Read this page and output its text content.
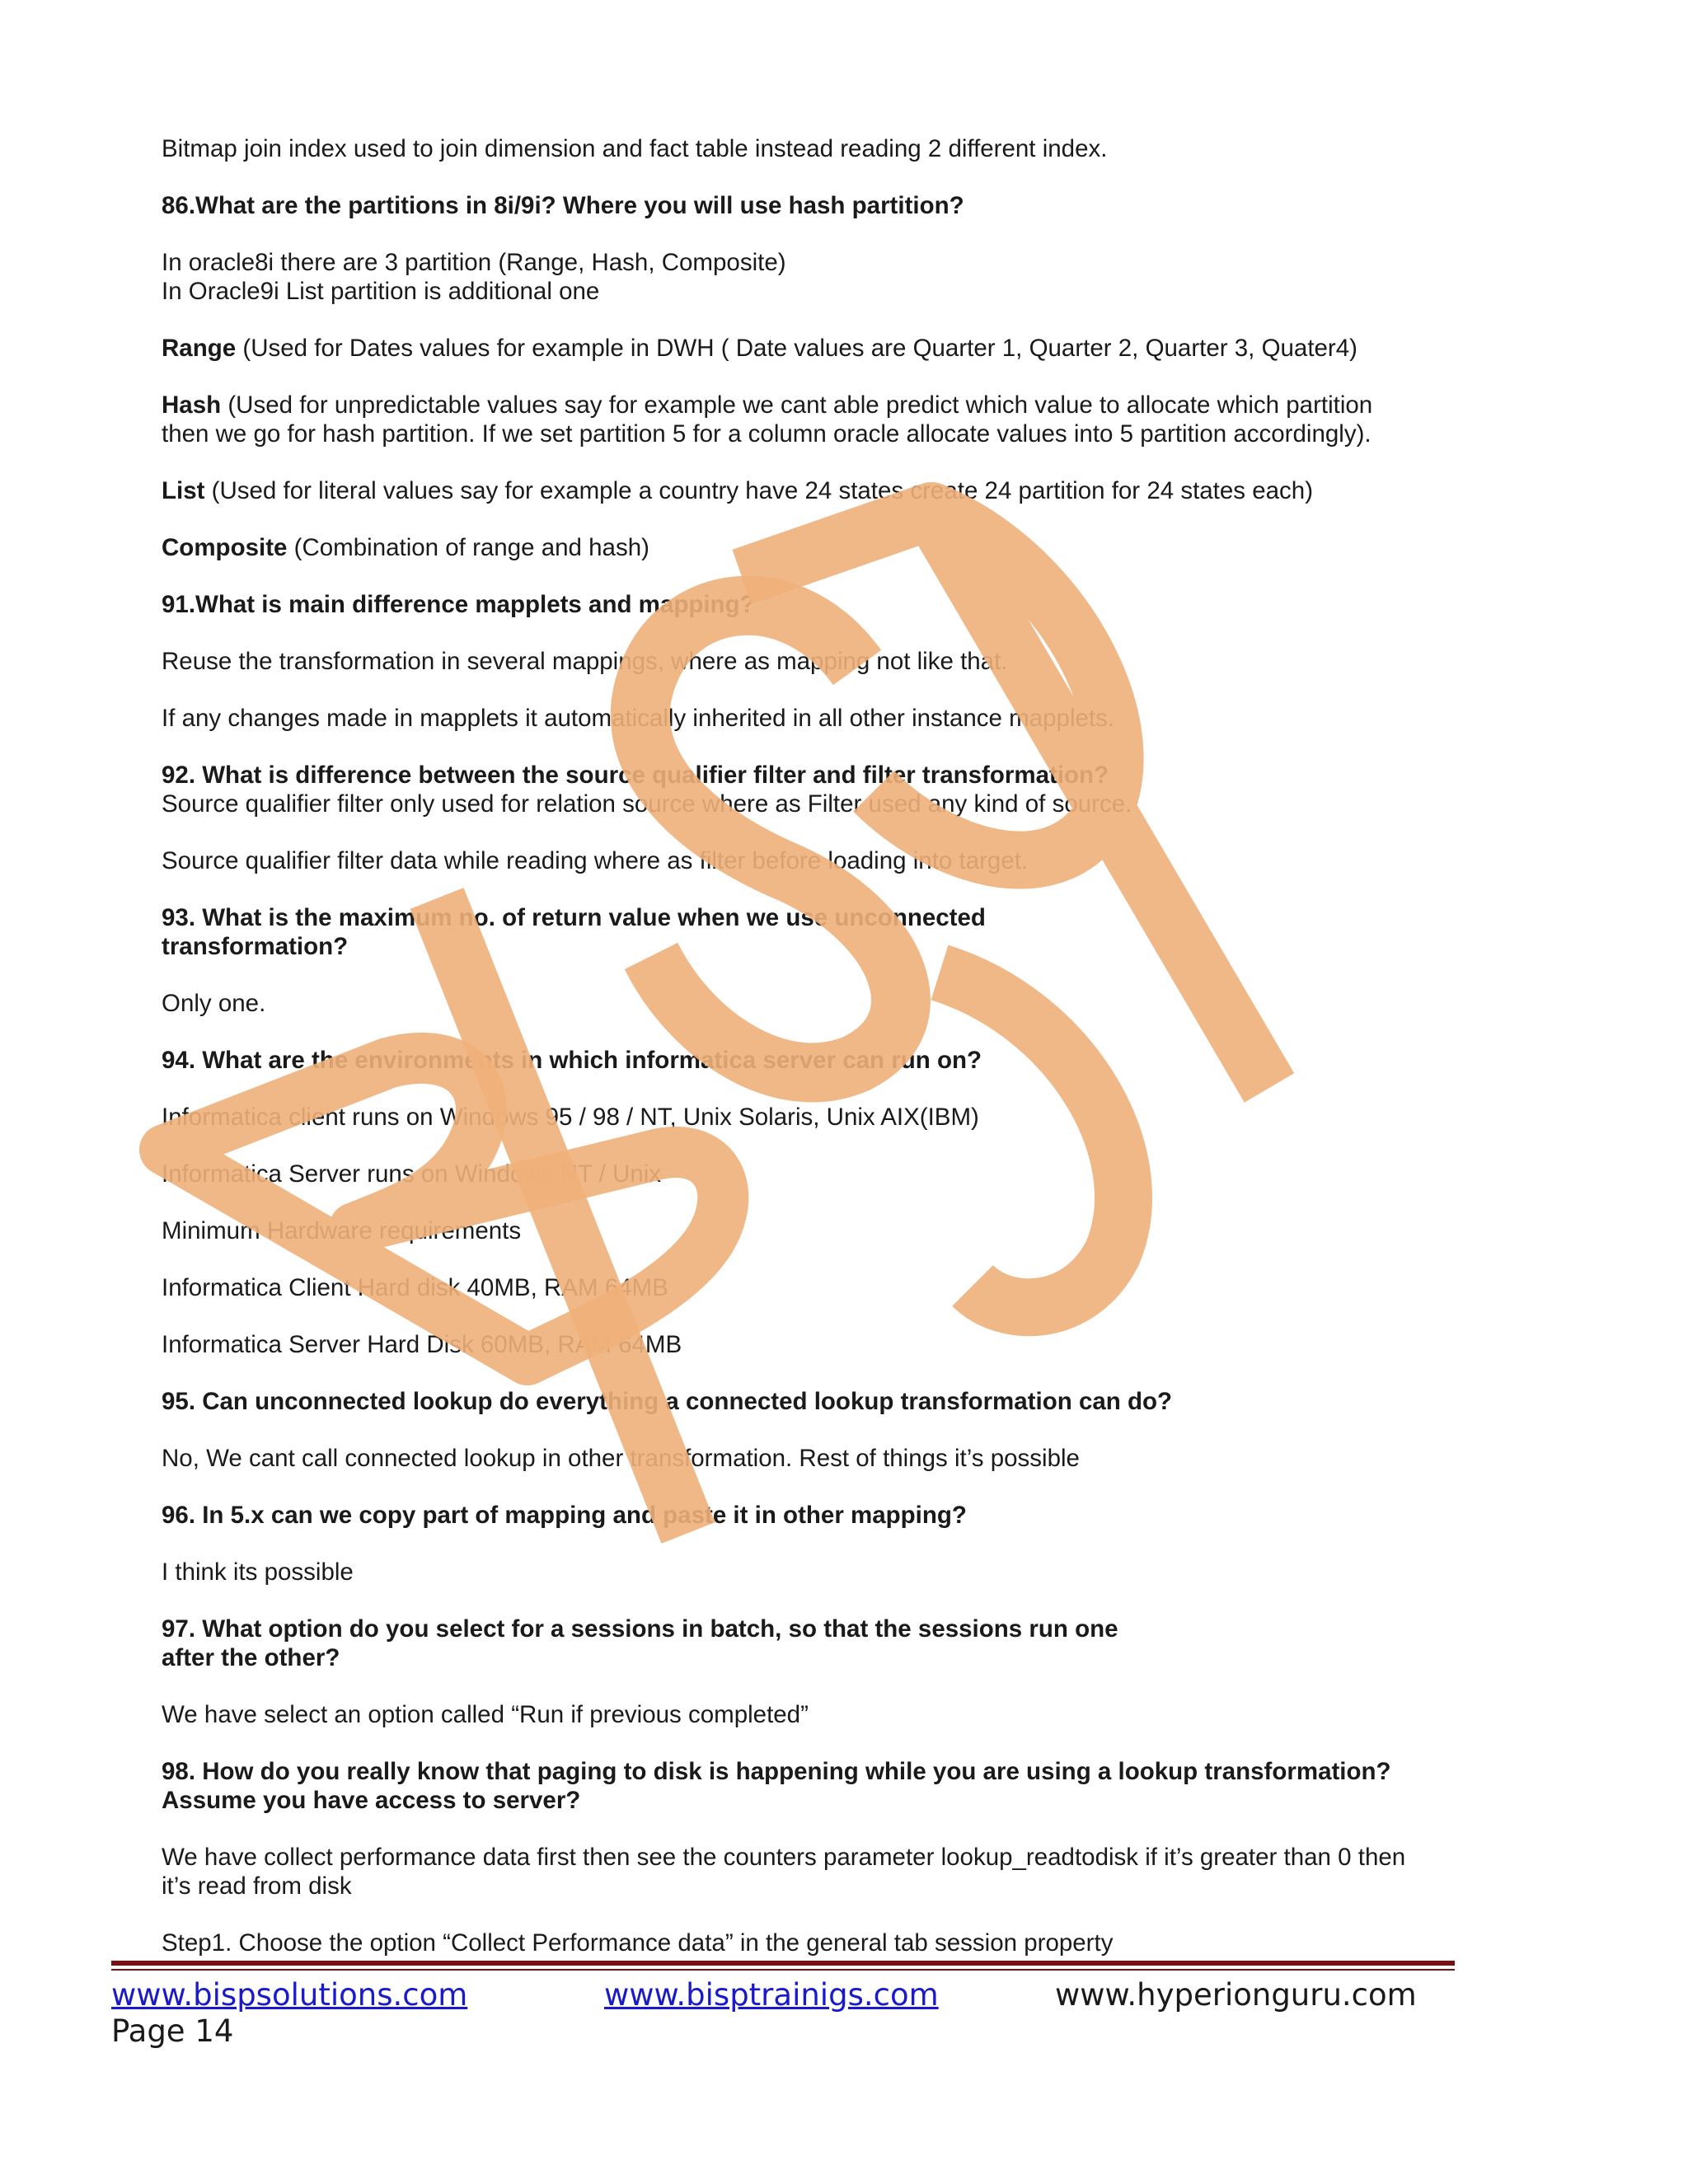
Bitmap join index used to join dimension and fact table instead reading 2 different index.
86.What are the partitions in 8i/9i? Where you will use hash partition?
In oracle8i there are 3 partition (Range, Hash, Composite)
In Oracle9i List partition is additional one
Range (Used for Dates values for example in DWH ( Date values are Quarter 1, Quarter 2, Quarter 3, Quater4)
Hash (Used for unpredictable values say for example we cant able predict which value to allocate which partition
then we go for hash partition. If we set partition 5 for a column oracle allocate values into 5 partition accordingly).
List (Used for literal values say for example a country have 24 states create 24 partition for 24 states each)
Composite (Combination of range and hash)
91.What is main difference mapplets and mapping?
Reuse the transformation in several mappings, where as mapping not like that.
If any changes made in mapplets it automatically inherited in all other instance mapplets.
92. What is difference between the source qualifier filter and filter transformation?
Source qualifier filter only used for relation source where as Filter used any kind of source.
Source qualifier filter data while reading where as filter before loading into target.
93. What is the maximum no. of return value when we use unconnected
transformation?
Only one.
94. What are the environments in which informatica server can run on?
Informatica client runs on Windows 95 / 98 / NT, Unix Solaris, Unix AIX(IBM)
Informatica Server runs on Windows NT / Unix
Minimum Hardware requirements
Informatica Client Hard disk 40MB, RAM 64MB
Informatica Server Hard Disk 60MB, RAM 64MB
95. Can unconnected lookup do everything a connected lookup transformation can do?
No, We cant call connected lookup in other transformation. Rest of things it’s possible
96. In 5.x can we copy part of mapping and paste it in other mapping?
I think its possible
97. What option do you select for a sessions in batch, so that the sessions run one
after the other?
We have select an option called “Run if previous completed”
98. How do you really know that paging to disk is happening while you are using a lookup transformation?
Assume you have access to server?
We have collect performance data first then see the counters parameter lookup_readtodisk if it’s greater than 0 then
it’s read from disk
Step1. Choose the option “Collect Performance data” in the general tab session property
www.bispsolutions.com	www.bisptrainigs.com	www.hyperionguru.com
Page 14
